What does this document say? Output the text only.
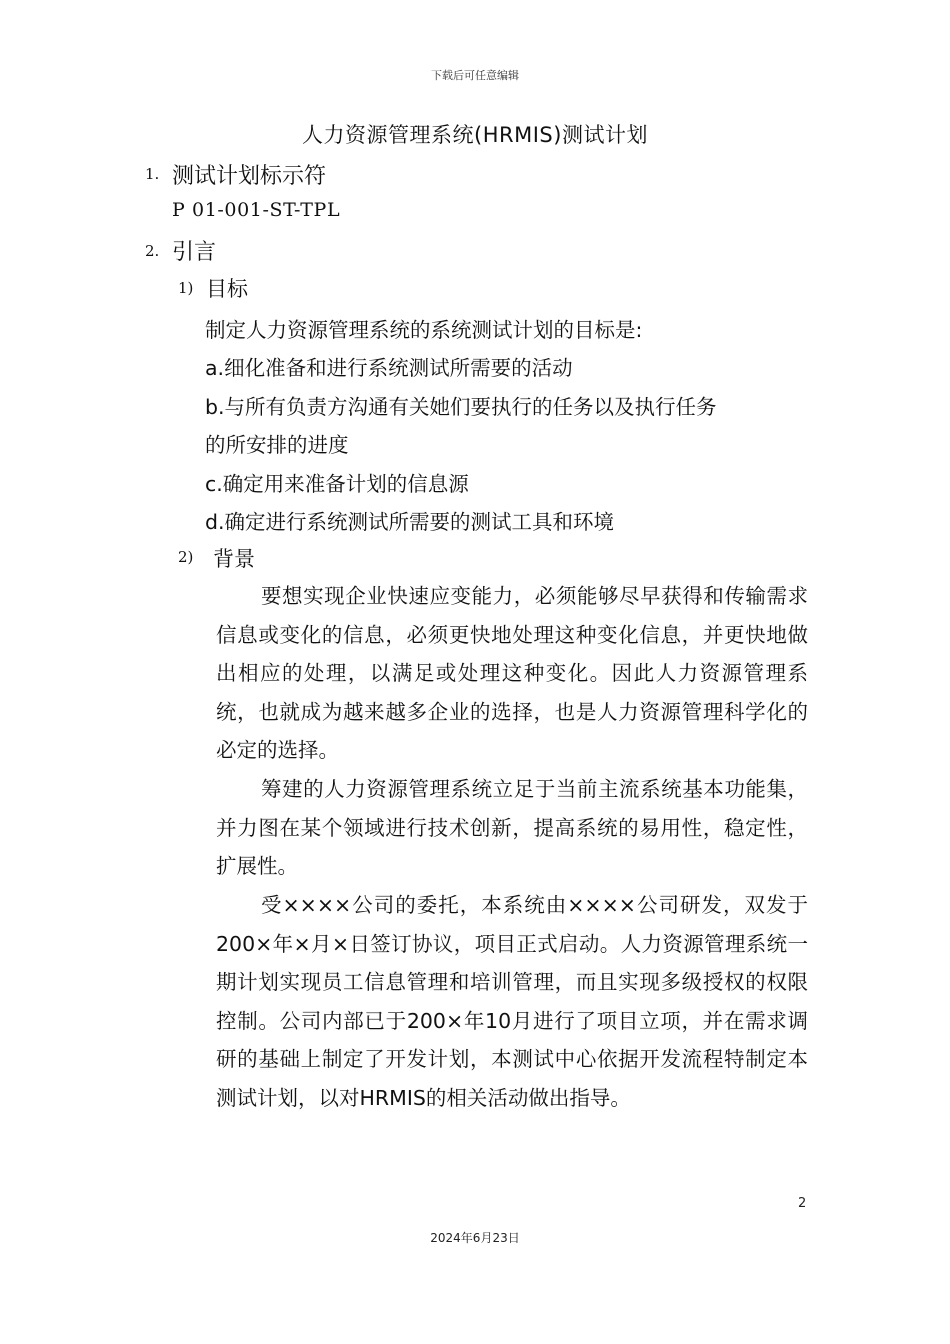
下载后可任意编辑
人力资源管理系统(HRMIS)测试计划
1. 测试计划标示符
P 01-001-ST-TPL
2. 引言
1) 目标
制定人力资源管理系统的系统测试计划的目标是:
a.细化准备和进行系统测试所需要的活动
b.与所有负责方沟通有关她们要执行的任务以及执行任务
的所安排的进度
c.确定用来准备计划的信息源
d.确定进行系统测试所需要的测试工具和环境
2) 背景

要想实现企业快速应变能力，必须能够尽早获得和传输需求信息或变化的信息，必须更快地处理这种变化信息，并更快地做出相应的处理，以满足或处理这种变化。因此人力资源管理系统，也就成为越来越多企业的选择，也是人力资源管理科学化的必定的选择。

筹建的人力资源管理系统立足于当前主流系统基本功能集，并力图在某个领域进行技术创新，提高系统的易用性，稳定性，扩展性。

受××××公司的委托，本系统由××××公司研发，双发于200×年×月×日签订协议，项目正式启动。人力资源管理系统一期计划实现员工信息管理和培训管理，而且实现多级授权的权限控制。公司内部已于200×年10月进行了项目立项，并在需求调研的基础上制定了开发计划，本测试中心依据开发流程特制定本测试计划，以对HRMIS的相关活动做出指导。

2
2024年6月23日
